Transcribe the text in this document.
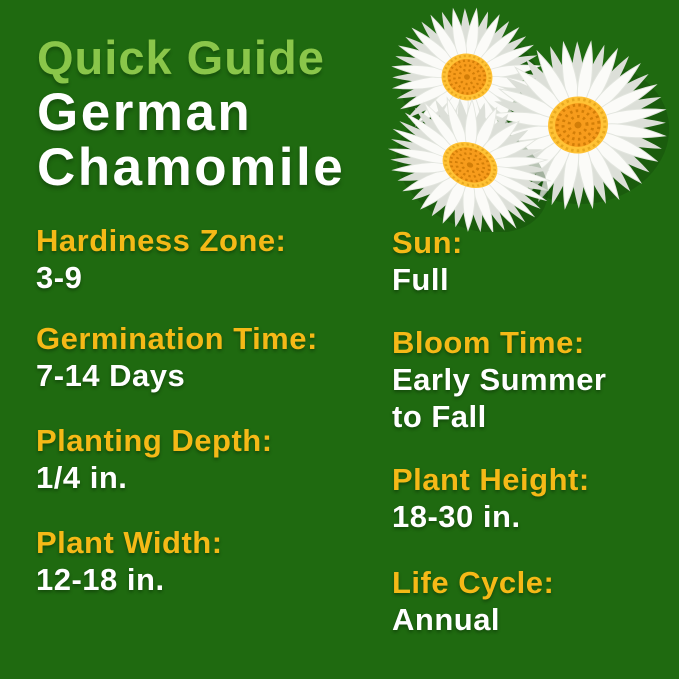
Quick Guide
German
Chamomile
Hardiness Zone:
3-9
Germination Time:
7-14 Days
Planting Depth:
1/4 in.
Plant Width:
12-18 in.
Sun:
Full
Bloom Time:
Early Summer to Fall
Plant Height:
18-30 in.
Life Cycle:
Annual
